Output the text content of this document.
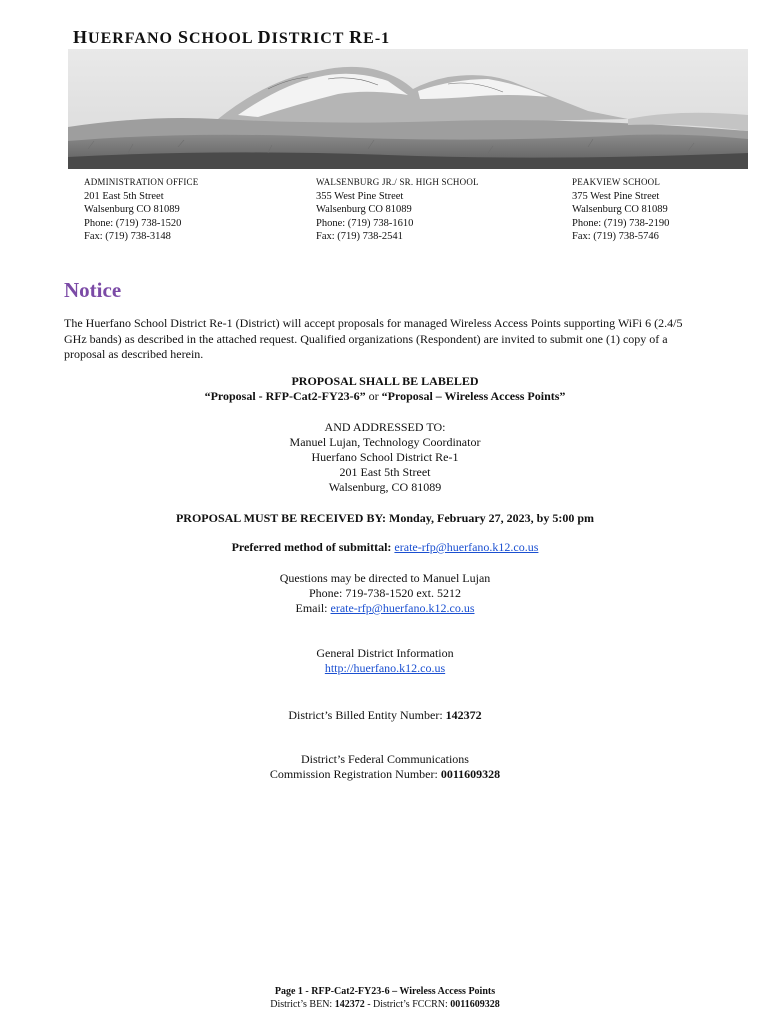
HUERFANO SCHOOL DISTRICT RE-1
ADMINISTRATION OFFICE
201 East 5th Street
Walsenburg CO 81089
Phone: (719) 738-1520
Fax: (719) 738-3148
WALSENBURG JR./ SR. HIGH SCHOOL
355 West Pine Street
Walsenburg CO 81089
Phone: (719) 738-1610
Fax: (719) 738-2541
PEAKVIEW SCHOOL
375 West Pine Street
Walsenburg CO 81089
Phone: (719) 738-2190
Fax: (719) 738-5746
Notice
The Huerfano School District Re-1 (District) will accept proposals for managed Wireless Access Points supporting WiFi 6 (2.4/5 GHz bands) as described in the attached request. Qualified organizations (Respondent) are invited to submit one (1) copy of a proposal as described herein.
PROPOSAL SHALL BE LABELED
“Proposal - RFP-Cat2-FY23-6” or “Proposal – Wireless Access Points”
AND ADDRESSED TO:
Manuel Lujan, Technology Coordinator
Huerfano School District Re-1
201 East 5th Street
Walsenburg, CO 81089
PROPOSAL MUST BE RECEIVED BY: Monday, February 27, 2023, by 5:00 pm
Preferred method of submittal: erate-rfp@huerfano.k12.co.us
Questions may be directed to Manuel Lujan
Phone: 719-738-1520 ext. 5212
Email: erate-rfp@huerfano.k12.co.us
General District Information
http://huerfano.k12.co.us
District’s Billed Entity Number: 142372
District’s Federal Communications
Commission Registration Number: 0011609328
Page 1 - RFP-Cat2-FY23-6 – Wireless Access Points
District’s BEN: 142372 - District’s FCCRN: 0011609328
